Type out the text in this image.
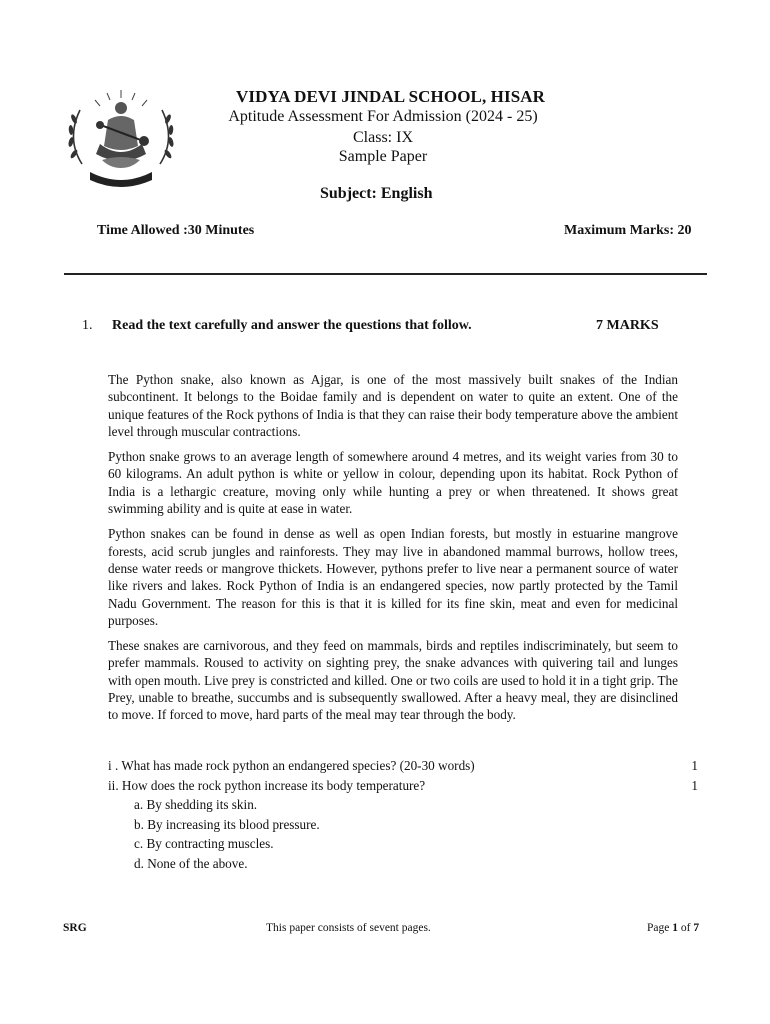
VIDYA DEVI JINDAL SCHOOL, HISAR
Aptitude Assessment For Admission (2024 - 25)
Class: IX
Sample Paper
Subject: English
Time Allowed :30 Minutes	Maximum Marks: 20
1. Read the text carefully and answer the questions that follow.	7 MARKS

The Python snake, also known as Ajgar, is one of the most massively built snakes of the Indian subcontinent. It belongs to the Boidae family and is dependent on water to quite an extent. One of the unique features of the Rock pythons of India is that they can raise their body temperature above the ambient level through muscular contractions.

Python snake grows to an average length of somewhere around 4 metres, and its weight varies from 30 to 60 kilograms. An adult python is white or yellow in colour, depending upon its habitat. Rock Python of India is a lethargic creature, moving only while hunting a prey or when threatened. It shows great swimming ability and is quite at ease in water.

Python snakes can be found in dense as well as open Indian forests, but mostly in estuarine mangrove forests, acid scrub jungles and rainforests. They may live in abandoned mammal burrows, hollow trees, dense water reeds or mangrove thickets. However, pythons prefer to live near a permanent source of water like rivers and lakes. Rock Python of India is an endangered species, now partly protected by the Tamil Nadu Government. The reason for this is that it is killed for its fine skin, meat and even for medicinal purposes.

These snakes are carnivorous, and they feed on mammals, birds and reptiles indiscriminately, but seem to prefer mammals. Roused to activity on sighting prey, the snake advances with quivering tail and lunges with open mouth. Live prey is constricted and killed. One or two coils are used to hold it in a tight grip. The Prey, unable to breathe, succumbs and is subsequently swallowed. After a heavy meal, they are disinclined to move. If forced to move, hard parts of the meal may tear through the body.

i . What has made rock python an endangered species? (20-30 words)	1
ii. How does the rock python increase its body temperature?	1
a. By shedding its skin.
b. By increasing its blood pressure.
c. By contracting muscles.
d. None of the above.
SRG	This paper consists of sevent pages.	Page 1 of 7
